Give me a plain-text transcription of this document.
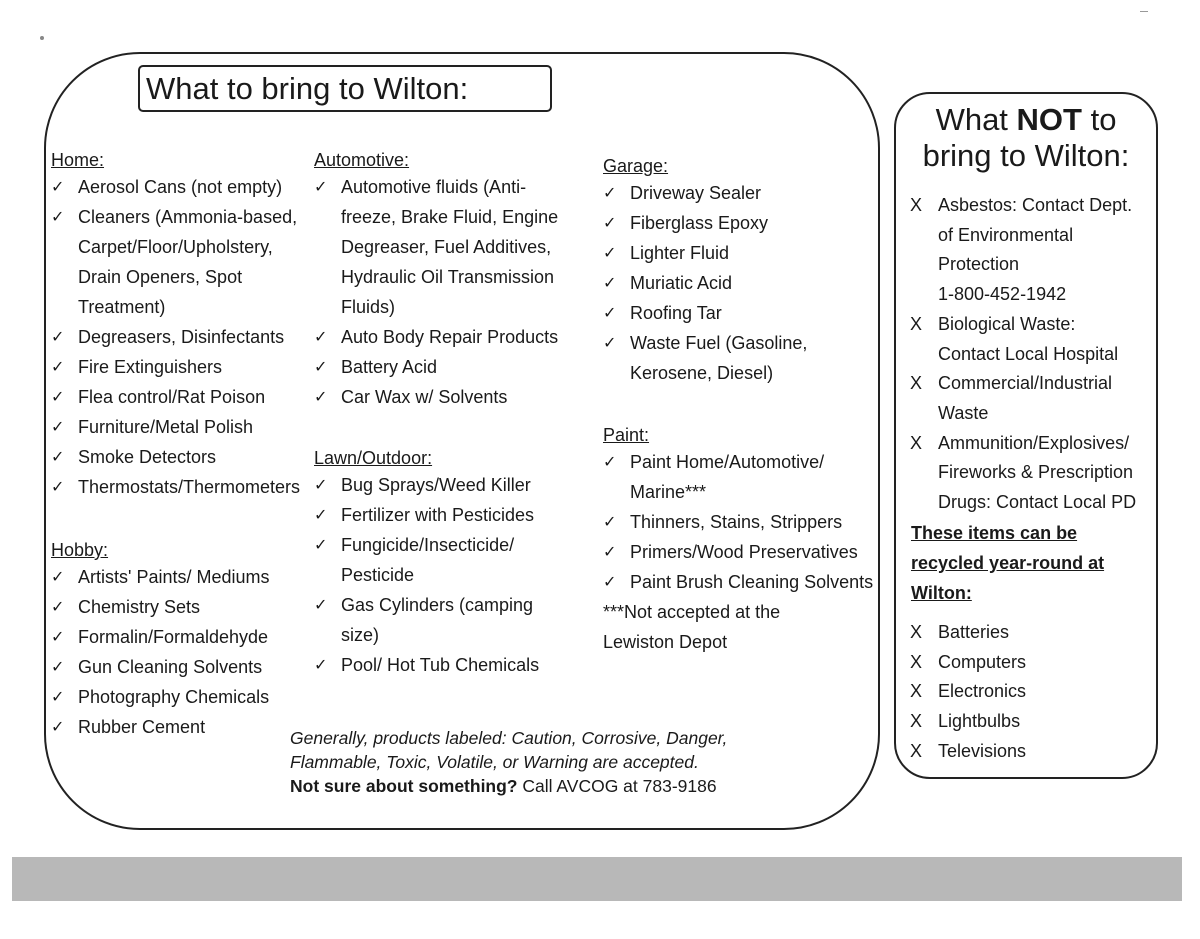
What to bring to Wilton:
Home:
✓ Aerosol Cans (not empty)
✓ Cleaners (Ammonia-based,
Carpet/Floor/Upholstery,
Drain Openers, Spot
Treatment)
✓ Degreasers, Disinfectants
✓ Fire Extinguishers
✓ Flea control/Rat Poison
✓ Furniture/Metal Polish
✓ Smoke Detectors
✓ Thermostats/Thermometers
Hobby:
✓ Artists' Paints/ Mediums
✓ Chemistry Sets
✓ Formalin/Formaldehyde
✓ Gun Cleaning Solvents
✓ Photography Chemicals
✓ Rubber Cement
Automotive:
✓ Automotive fluids (Anti-
freeze, Brake Fluid, Engine
Degreaser, Fuel Additives,
Hydraulic Oil Transmission
Fluids)
✓ Auto Body Repair Products
✓ Battery Acid
✓ Car Wax w/ Solvents
Lawn/Outdoor:
✓ Bug Sprays/Weed Killer
✓ Fertilizer with Pesticides
✓ Fungicide/Insecticide/
Pesticide
✓ Gas Cylinders (camping
size)
✓ Pool/ Hot Tub Chemicals
Garage:
✓ Driveway Sealer
✓ Fiberglass Epoxy
✓ Lighter Fluid
✓ Muriatic Acid
✓ Roofing Tar
✓ Waste Fuel (Gasoline,
Kerosene, Diesel)
Paint:
✓ Paint Home/Automotive/
Marine***
✓ Thinners, Stains, Strippers
✓ Primers/Wood Preservatives
✓ Paint Brush Cleaning Solvents
***Not accepted at the
Lewiston Depot
Generally, products labeled: Caution, Corrosive, Danger,
Flammable, Toxic, Volatile, or Warning are accepted.
Not sure about something? Call AVCOG at 783-9186
What NOT to
bring to Wilton:
X Asbestos: Contact Dept.
of Environmental
Protection
1-800-452-1942
X Biological Waste:
Contact Local Hospital
X Commercial/Industrial
Waste
X Ammunition/Explosives/
Fireworks & Prescription
Drugs: Contact Local PD
These items can be recycled year-round at Wilton:
X Batteries
X Computers
X Electronics
X Lightbulbs
X Televisions
